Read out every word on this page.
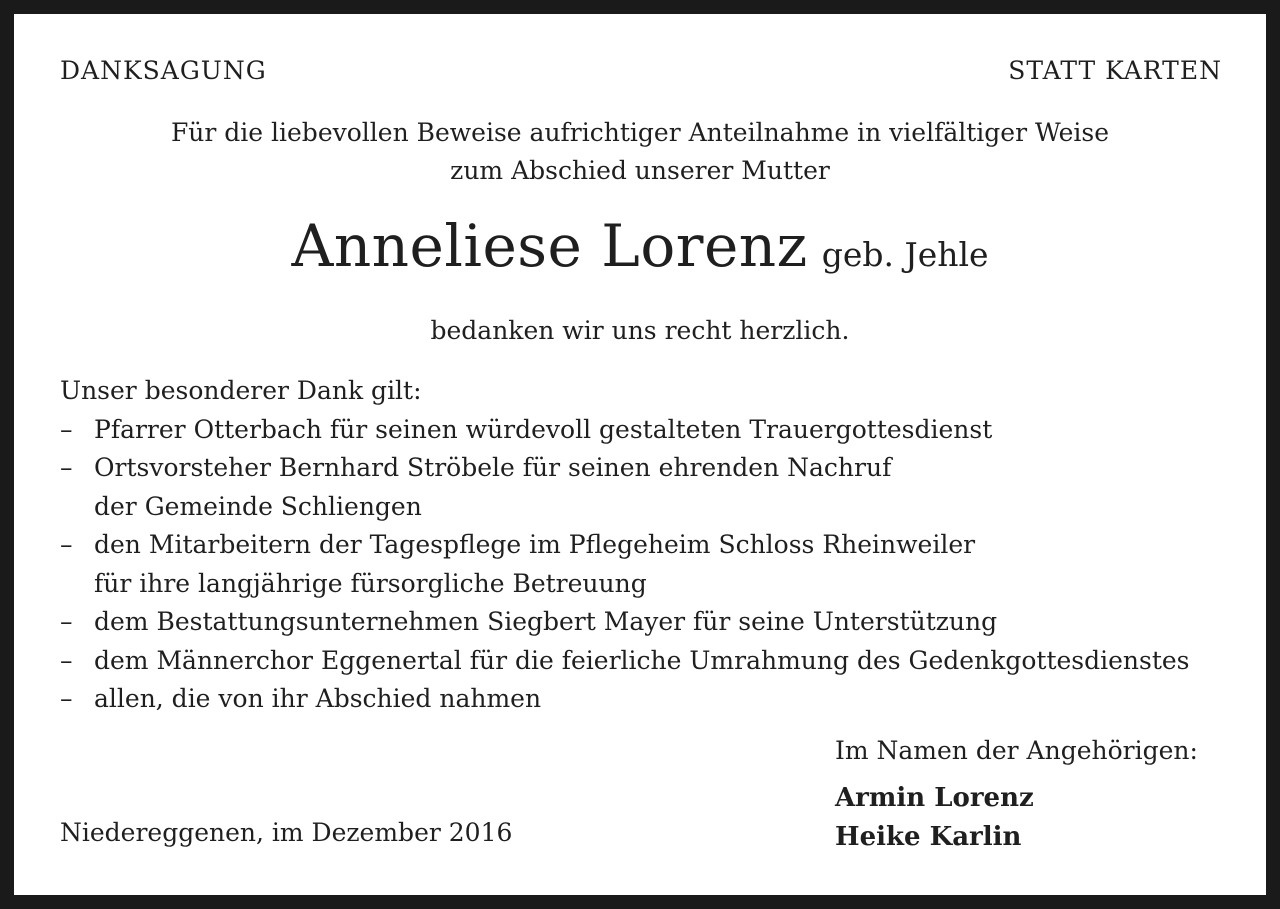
DANKSAGUNG	STATT KARTEN
Für die liebevollen Beweise aufrichtiger Anteilnahme in vielfältiger Weise
zum Abschied unserer Mutter
Anneliese Lorenz geb. Jehle
bedanken wir uns recht herzlich.
Unser besonderer Dank gilt:
– Pfarrer Otterbach für seinen würdevoll gestalteten Trauergottesdienst
– Ortsvorsteher Bernhard Ströbele für seinen ehrenden Nachruf
der Gemeinde Schliengen
– den Mitarbeitern der Tagespflege im Pflegeheim Schloss Rheinweiler
für ihre langjährige fürsorgliche Betreuung
– dem Bestattungsunternehmen Siegbert Mayer für seine Unterstützung
– dem Männerchor Eggenertal für die feierliche Umrahmung des Gedenkgottesdienstes
– allen, die von ihr Abschied nahmen
Im Namen der Angehörigen:
Armin Lorenz
Heike Karlin
Niedereggenen, im Dezember 2016
